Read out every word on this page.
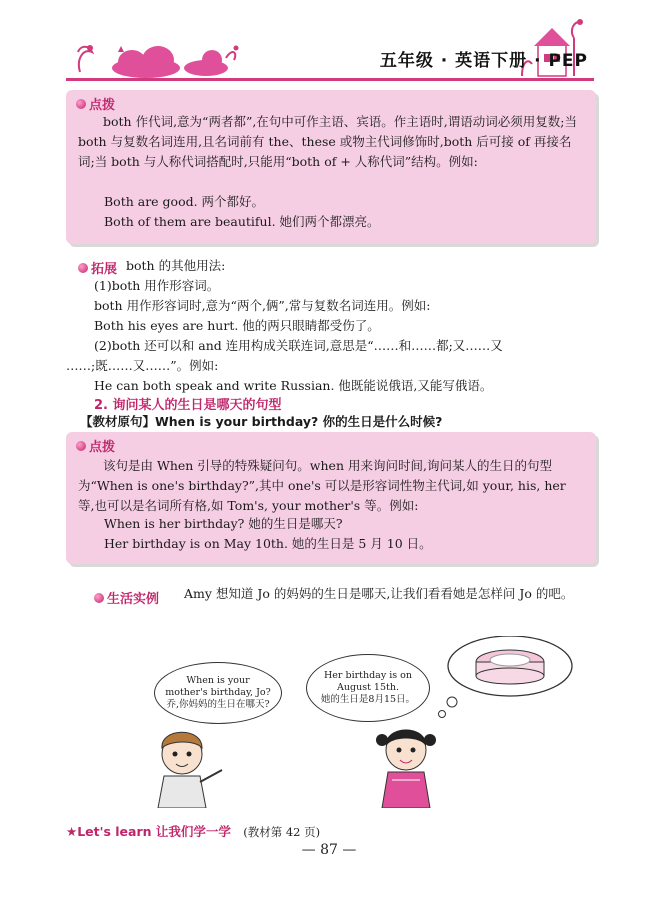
五年级 · 英语下册 · PEP
点拨
both 作代词,意为“两者都”,在句中可作主语、宾语。作主语时,谓语动词必须用复数;当 both 与复数名词连用,且名词前有 the、these 或物主代词修饰时,both 后可接 of 再接名词;当 both 与人称代词搭配时,只能用“both of + 人称代词”结构。例如:
Both are good. 两个都好。
Both of them are beautiful. 她们两个都漂亮。
拓展 both 的其他用法:
(1)both 用作形容词。
both 用作形容词时,意为“两个,俩”,常与复数名词连用。例如:
Both his eyes are hurt. 他的两只眼睛都受伤了。
(2)both 还可以和 and 连用构成关联连词,意思是“……和……都;又……又
……;既……又……”。例如:
He can both speak and write Russian. 他既能说俄语,又能写俄语。
2. 询问某人的生日是哪天的句型
【教材原句】When is your birthday? 你的生日是什么时候?
点拨
该句是由 When 引导的特殊疑问句。when 用来询问时间,询问某人的生日的句型为“When is one's birthday?”,其中 one's 可以是形容词性物主代词,如 your, his, her 等,也可以是名词所有格,如 Tom's, your mother's 等。例如:
When is her birthday? 她的生日是哪天?
Her birthday is on May 10th. 她的生日是 5 月 10 日。
生活实例	Amy 想知道 Jo 的妈妈的生日是哪天,让我们看看她是怎样问 Jo 的吧。
When is your mother's birthday, Jo?
乔,你妈妈的生日在哪天?
Her birthday is on August 15th.
她的生日是8月15日。
★Let's learn 让我们学一学 (教材第 42 页)
— 87 —
